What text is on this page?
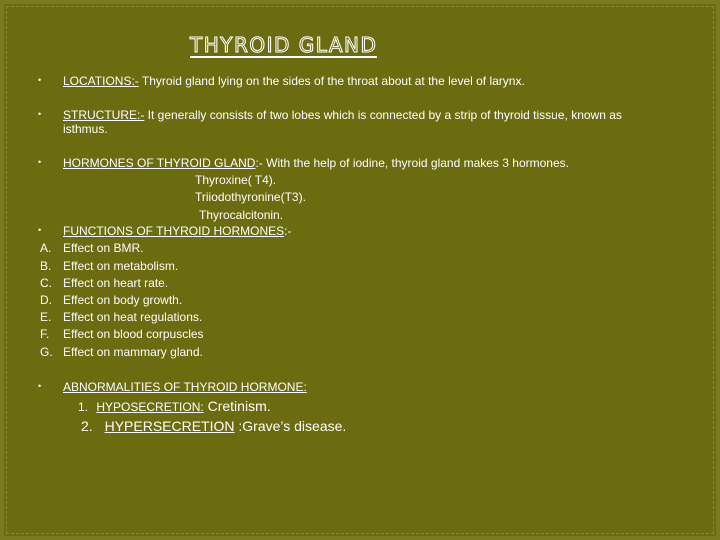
THYROID GLAND
• LOCATIONS:- Thyroid gland lying on the sides of the throat about at the level of larynx.
• STRUCTURE:- It generally consists of two lobes which is connected by a strip of thyroid tissue, known as
isthmus.
• HORMONES OF THYROID GLAND:- With the help of iodine, thyroid gland makes 3 hormones.
Thyroxine( T4).
Triiodothyronine(T3).
Thyrocalcitonin.
• FUNCTIONS OF THYROID HORMONES:-
A. Effect on BMR.
B. Effect on metabolism.
C. Effect on heart rate.
D. Effect on body growth.
E. Effect on heat regulations.
F. Effect on blood corpuscles
G. Effect on mammary gland.
• ABNORMALITIES OF THYROID HORMONE:
1. HYPOSECRETION: Cretinism.
2. HYPERSECRETION :Grave’s disease.
